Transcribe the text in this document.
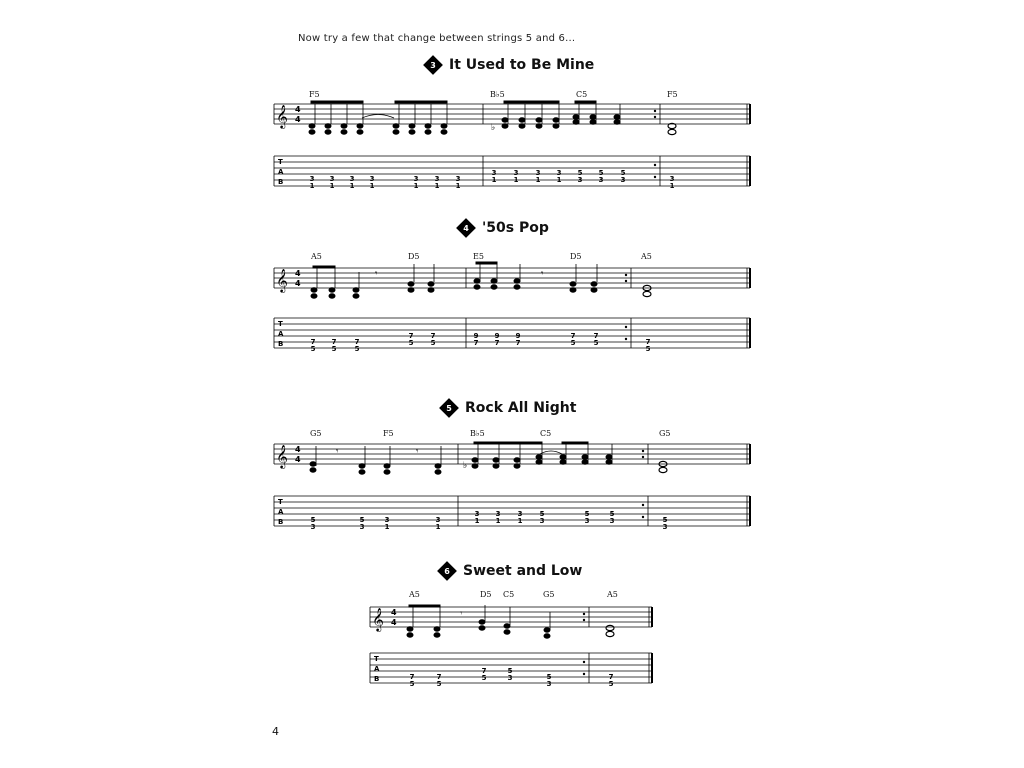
Now try a few that change between strings 5 and 6...
3 It Used to Be Mine
F5	B♭5	C5	F5
4 '50s Pop
A5	D5	E5	D5	A5
5 Rock All Night
G5	F5	B♭5	C5	G5
6 Sweet and Low
A5	D5 C5	G5	A5
𝄞
𝄞
𝄞
𝄞
4
4
4
4
4
4
4
4
T
A
B
T
A
B
T
A
B
T
A
B
♭
𝄾	𝄾
𝄾	𝄾
♭
𝄾
3
1
3
1
3
1
3
1
3
1
3
1
3
1
3
1
3
1
3
1
3
1
5
3
5
3
5
3	3
1
7
5
7
5
7
5
7
5
7
5
9
7
9
7
9
7
7
5
7
5	7
5
5
3
5
3
3
1
3
1
3
1
3
1
3
1
5
3
5
3
5
3	5
3
7
5
7
5
7
5
5
3	5
3
7
5
4
